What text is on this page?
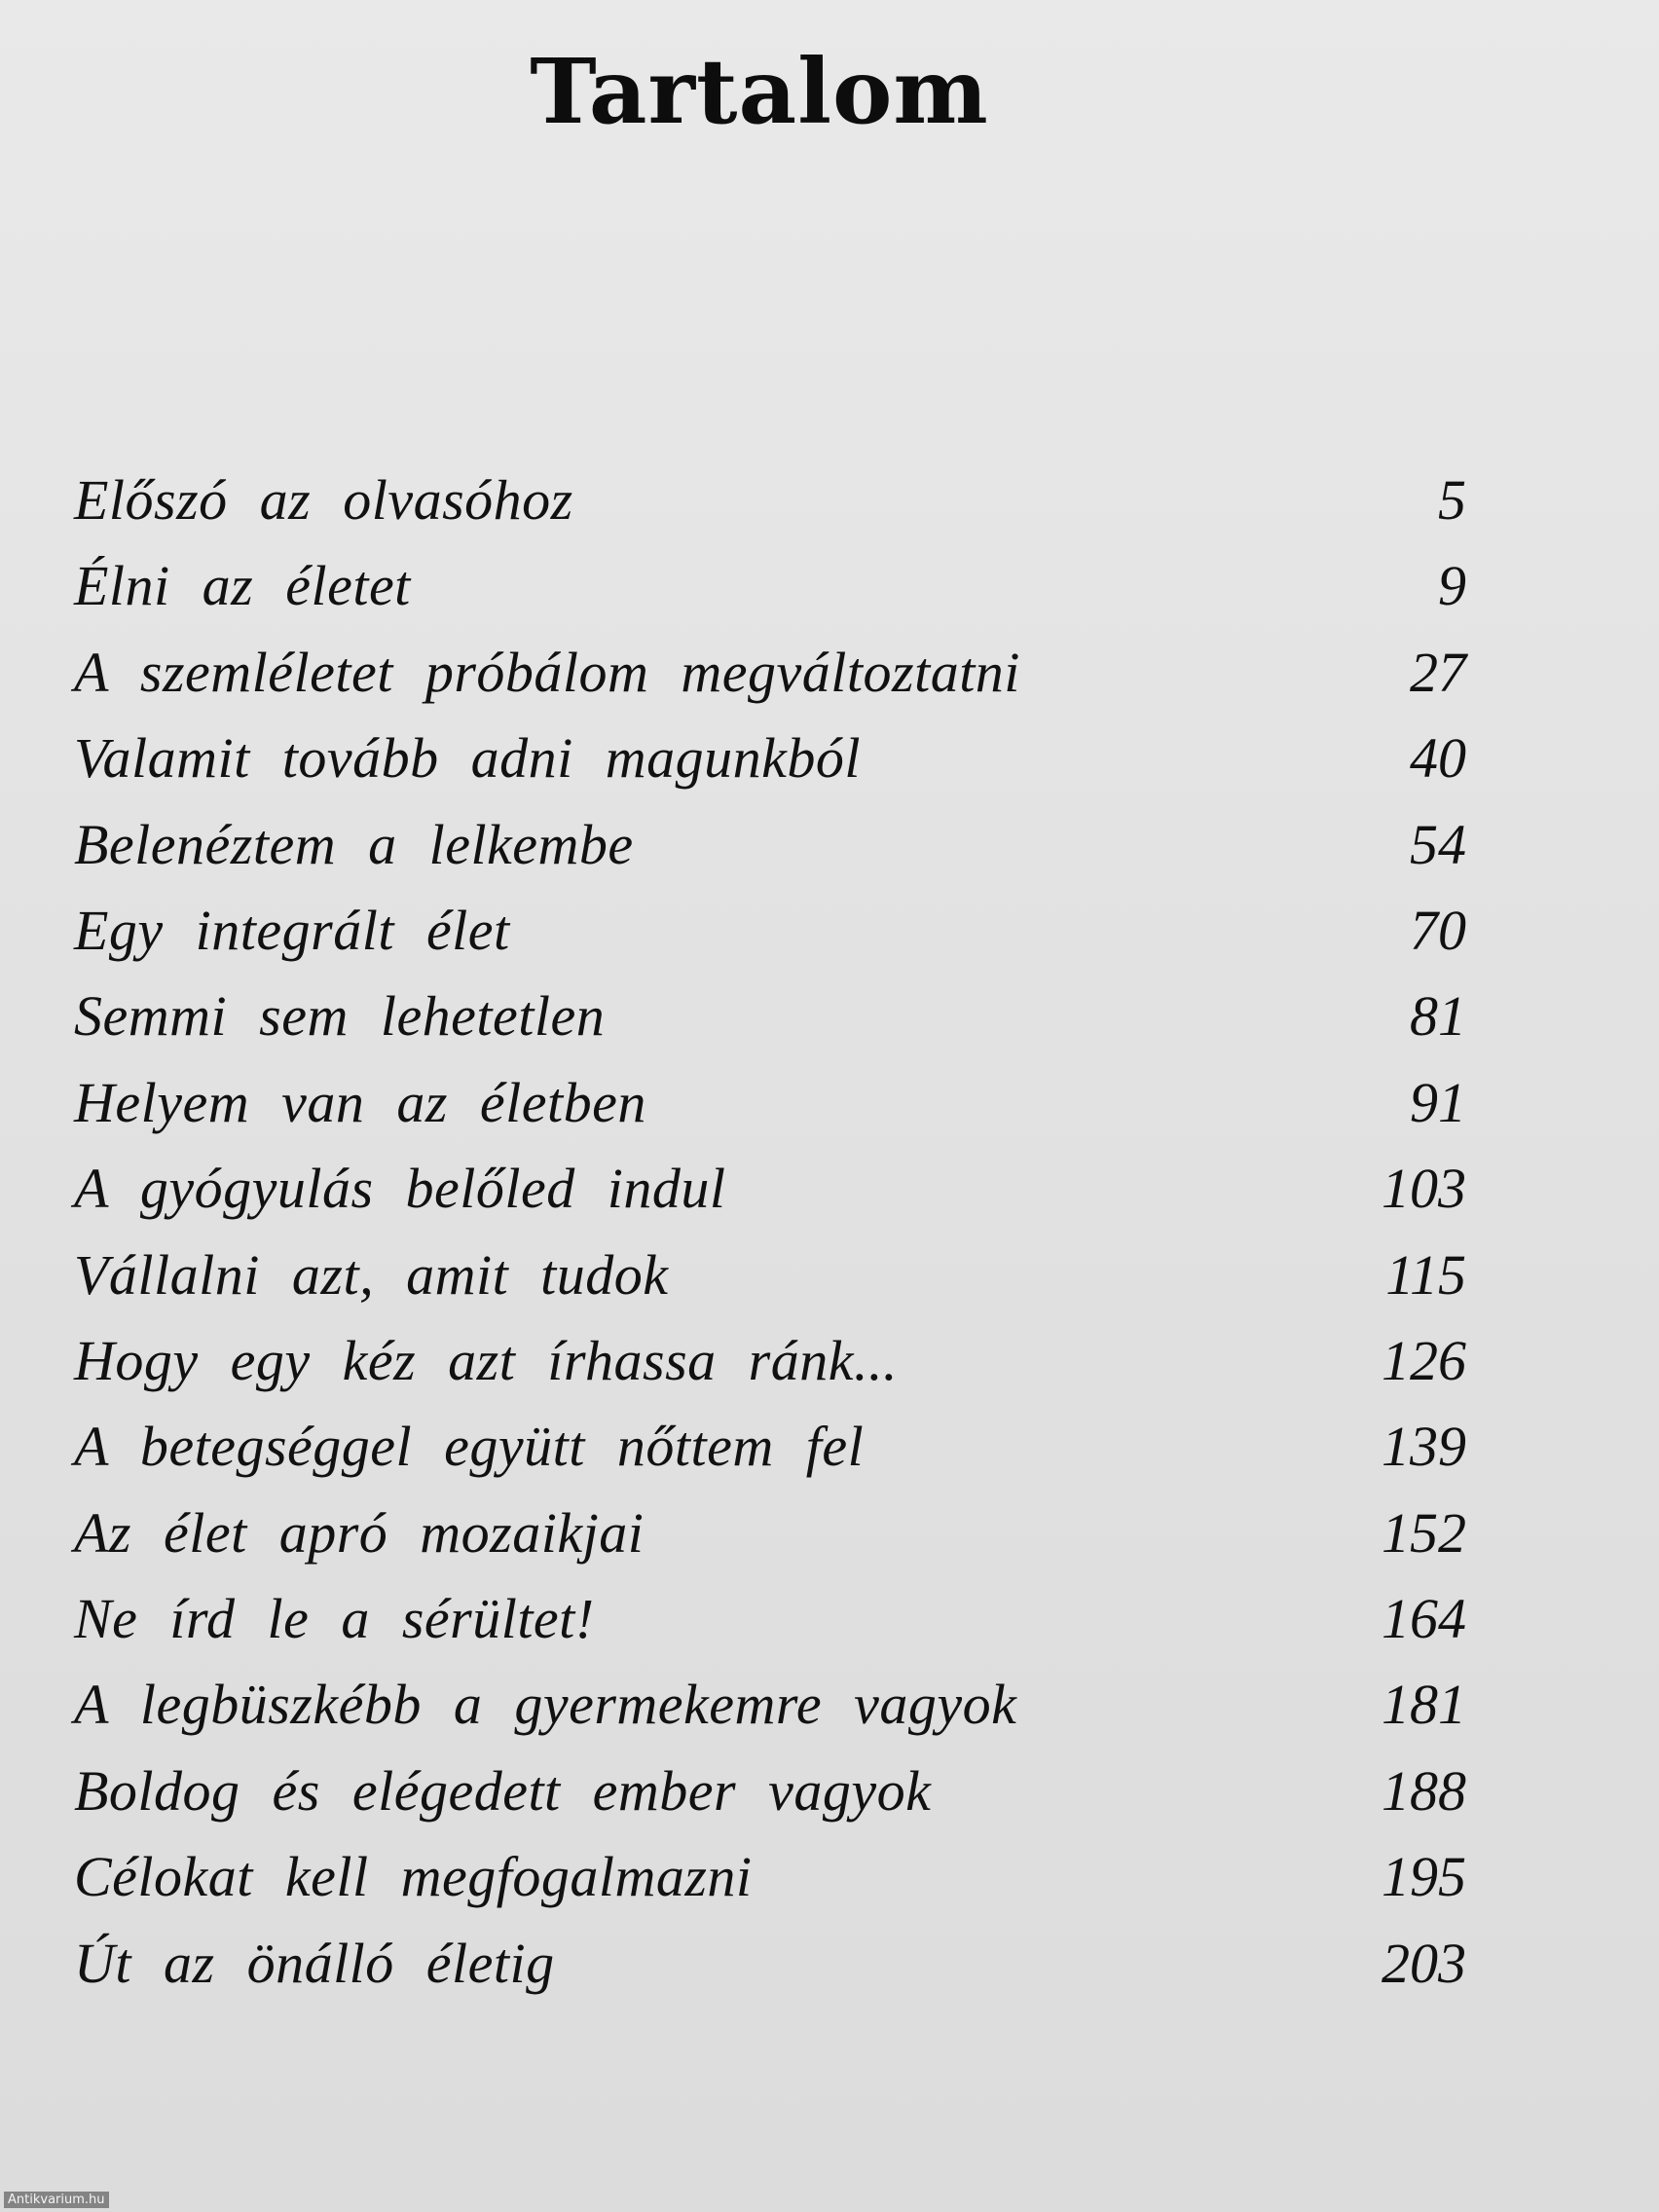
Tartalom
Előszó az olvasóhoz	5
Élni az életet	9
A szemléletet próbálom megváltoztatni	27
Valamit tovább adni magunkból	40
Belenéztem a lelkembe	54
Egy integrált élet	70
Semmi sem lehetetlen	81
Helyem van az életben	91
A gyógyulás belőled indul	103
Vállalni azt, amit tudok	115
Hogy egy kéz azt írhassa ránk...	126
A betegséggel együtt nőttem fel	139
Az élet apró mozaikjai	152
Ne írd le a sérültet!	164
A legbüszkébb a gyermekemre vagyok	181
Boldog és elégedett ember vagyok	188
Célokat kell megfogalmazni	195
Út az önálló életig	203
Antikvarium.hu
